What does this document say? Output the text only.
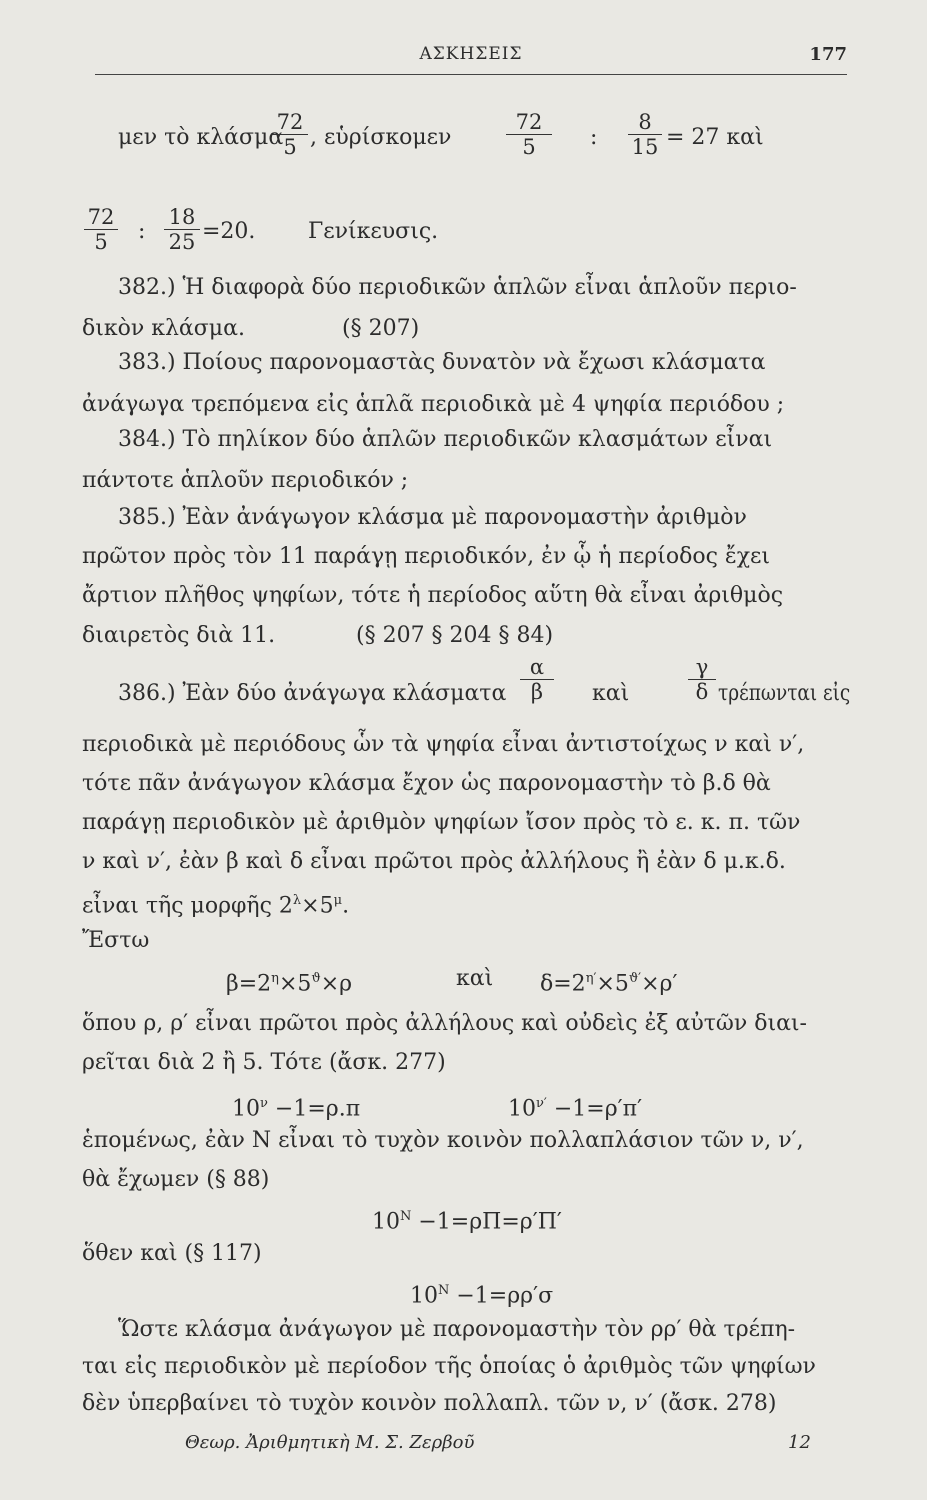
ΑΣΚΗΣΕΙΣ	177
μεν τὸ κλάσμα
72
5 , εὑρίσκομεν
72
5	:
8
15 = 27 καὶ
72
5	:
18
25 =20. Γενίκευσις.
382.) Ἡ διαφορὰ δύο περιοδικῶν ἁπλῶν εἶναι ἁπλοῦν περιο-
δικὸν κλάσμα.	(§ 207)
383.) Ποίους παρονομαστὰς δυνατὸν νὰ ἔχωσι κλάσματα
ἀνάγωγα τρεπόμενα εἰς ἁπλᾶ περιοδικὰ μὲ 4 ψηφία περιόδου ;
384.) Τὸ πηλίκον δύο ἁπλῶν περιοδικῶν κλασμάτων εἶναι
πάντοτε ἁπλοῦν περιοδικόν ;
385.) Ἐὰν ἀνάγωγον κλάσμα μὲ παρονομαστὴν ἀριθμὸν
πρῶτον πρὸς τὸν 11 παράγῃ περιοδικόν, ἐν ᾧ ἡ περίοδος ἔχει
ἄρτιον πλῆθος ψηφίων, τότε ἡ περίοδος αὕτη θὰ εἶναι ἀριθμὸς
διαιρετὸς διὰ 11.	(§ 207 § 204 § 84)
386.) Ἐὰν δύο ἀνάγωγα κλάσματα
α
β	καὶ
γ
δ τρέπωνται εἰς
περιοδικὰ μὲ περιόδους ὧν τὰ ψηφία εἶναι ἀντιστοίχως ν καὶ ν′,
τότε πᾶν ἀνάγωγον κλάσμα ἔχον ὡς παρονομαστὴν τὸ β.δ θὰ
παράγῃ περιοδικὸν μὲ ἀριθμὸν ψηφίων ἴσον πρὸς τὸ ε. κ. π. τῶν
ν καὶ ν′, ἐὰν β καὶ δ εἶναι πρῶτοι πρὸς ἀλλήλους ἢ ἐὰν δ μ.κ.δ.
εἶναι τῆς μορφῆς $2^\lambda\times 5^\mu$.
Ἔστω
$\beta=2^\eta\times 5^ϑ\times\rho$	καὶ $\delta=2^{\eta'}\times 5^{ϑ'}\times\rho'$
ὅπου ρ, ρ′ εἶναι πρῶτοι πρὸς ἀλλήλους καὶ οὐδεὶς ἐξ αὐτῶν διαι-
ρεῖται διὰ 2 ἢ 5. Τότε (ἄσκ. 277)
$10^\nu -1=\rho.\pi$	$10^{\nu'} -1=\rho'\pi'$
ἑπομένως, ἐὰν Ν εἶναι τὸ τυχὸν κοινὸν πολλαπλάσιον τῶν ν, ν′,
θὰ ἔχωμεν (§ 88)
$10^N -1=\rho\Pi=\rho'\Pi'$
ὅθεν καὶ (§ 117)
$10^N -1=\rho\rho'\sigma$
Ὥστε κλάσμα ἀνάγωγον μὲ παρονομαστὴν τὸν ρρ′ θὰ τρέπη-
ται εἰς περιοδικὸν μὲ περίοδον τῆς ὁποίας ὁ ἀριθμὸς τῶν ψηφίων
δὲν ὑπερβαίνει τὸ τυχὸν κοινὸν πολλαπλ. τῶν ν, ν′ (ἄσκ. 278)
Θεωρ. Ἀριθμητικὴ Μ. Σ. Ζερβοῦ	12
